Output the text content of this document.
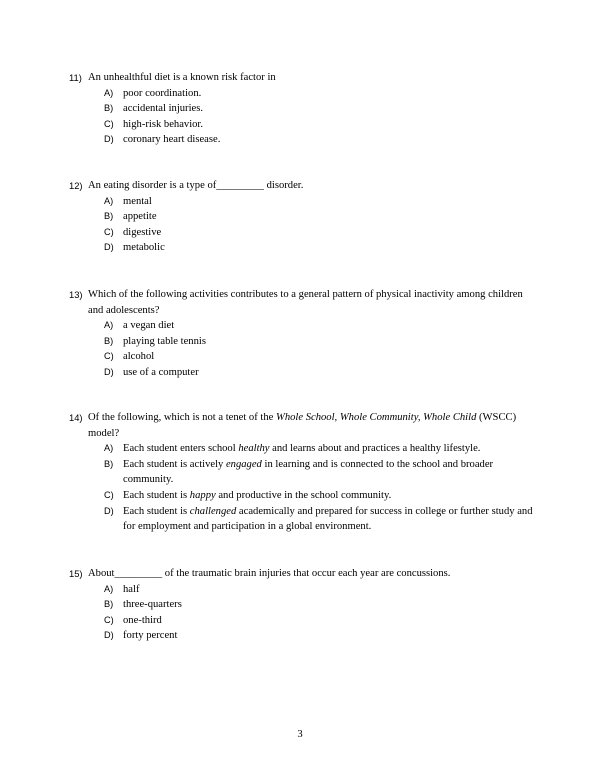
11) An unhealthful diet is a known risk factor in
A) poor coordination.
B) accidental injuries.
C) high-risk behavior.
D) coronary heart disease.
12) An eating disorder is a type of_________ disorder.
A) mental
B) appetite
C) digestive
D) metabolic
13) Which of the following activities contributes to a general pattern of physical inactivity among children and adolescents?
A) a vegan diet
B) playing table tennis
C) alcohol
D) use of a computer
14) Of the following, which is not a tenet of the Whole School, Whole Community, Whole Child (WSCC) model?
A) Each student enters school healthy and learns about and practices a healthy lifestyle.
B) Each student is actively engaged in learning and is connected to the school and broader community.
C) Each student is happy and productive in the school community.
D) Each student is challenged academically and prepared for success in college or further study and for employment and participation in a global environment.
15) About_________ of the traumatic brain injuries that occur each year are concussions.
A) half
B) three-quarters
C) one-third
D) forty percent
3
